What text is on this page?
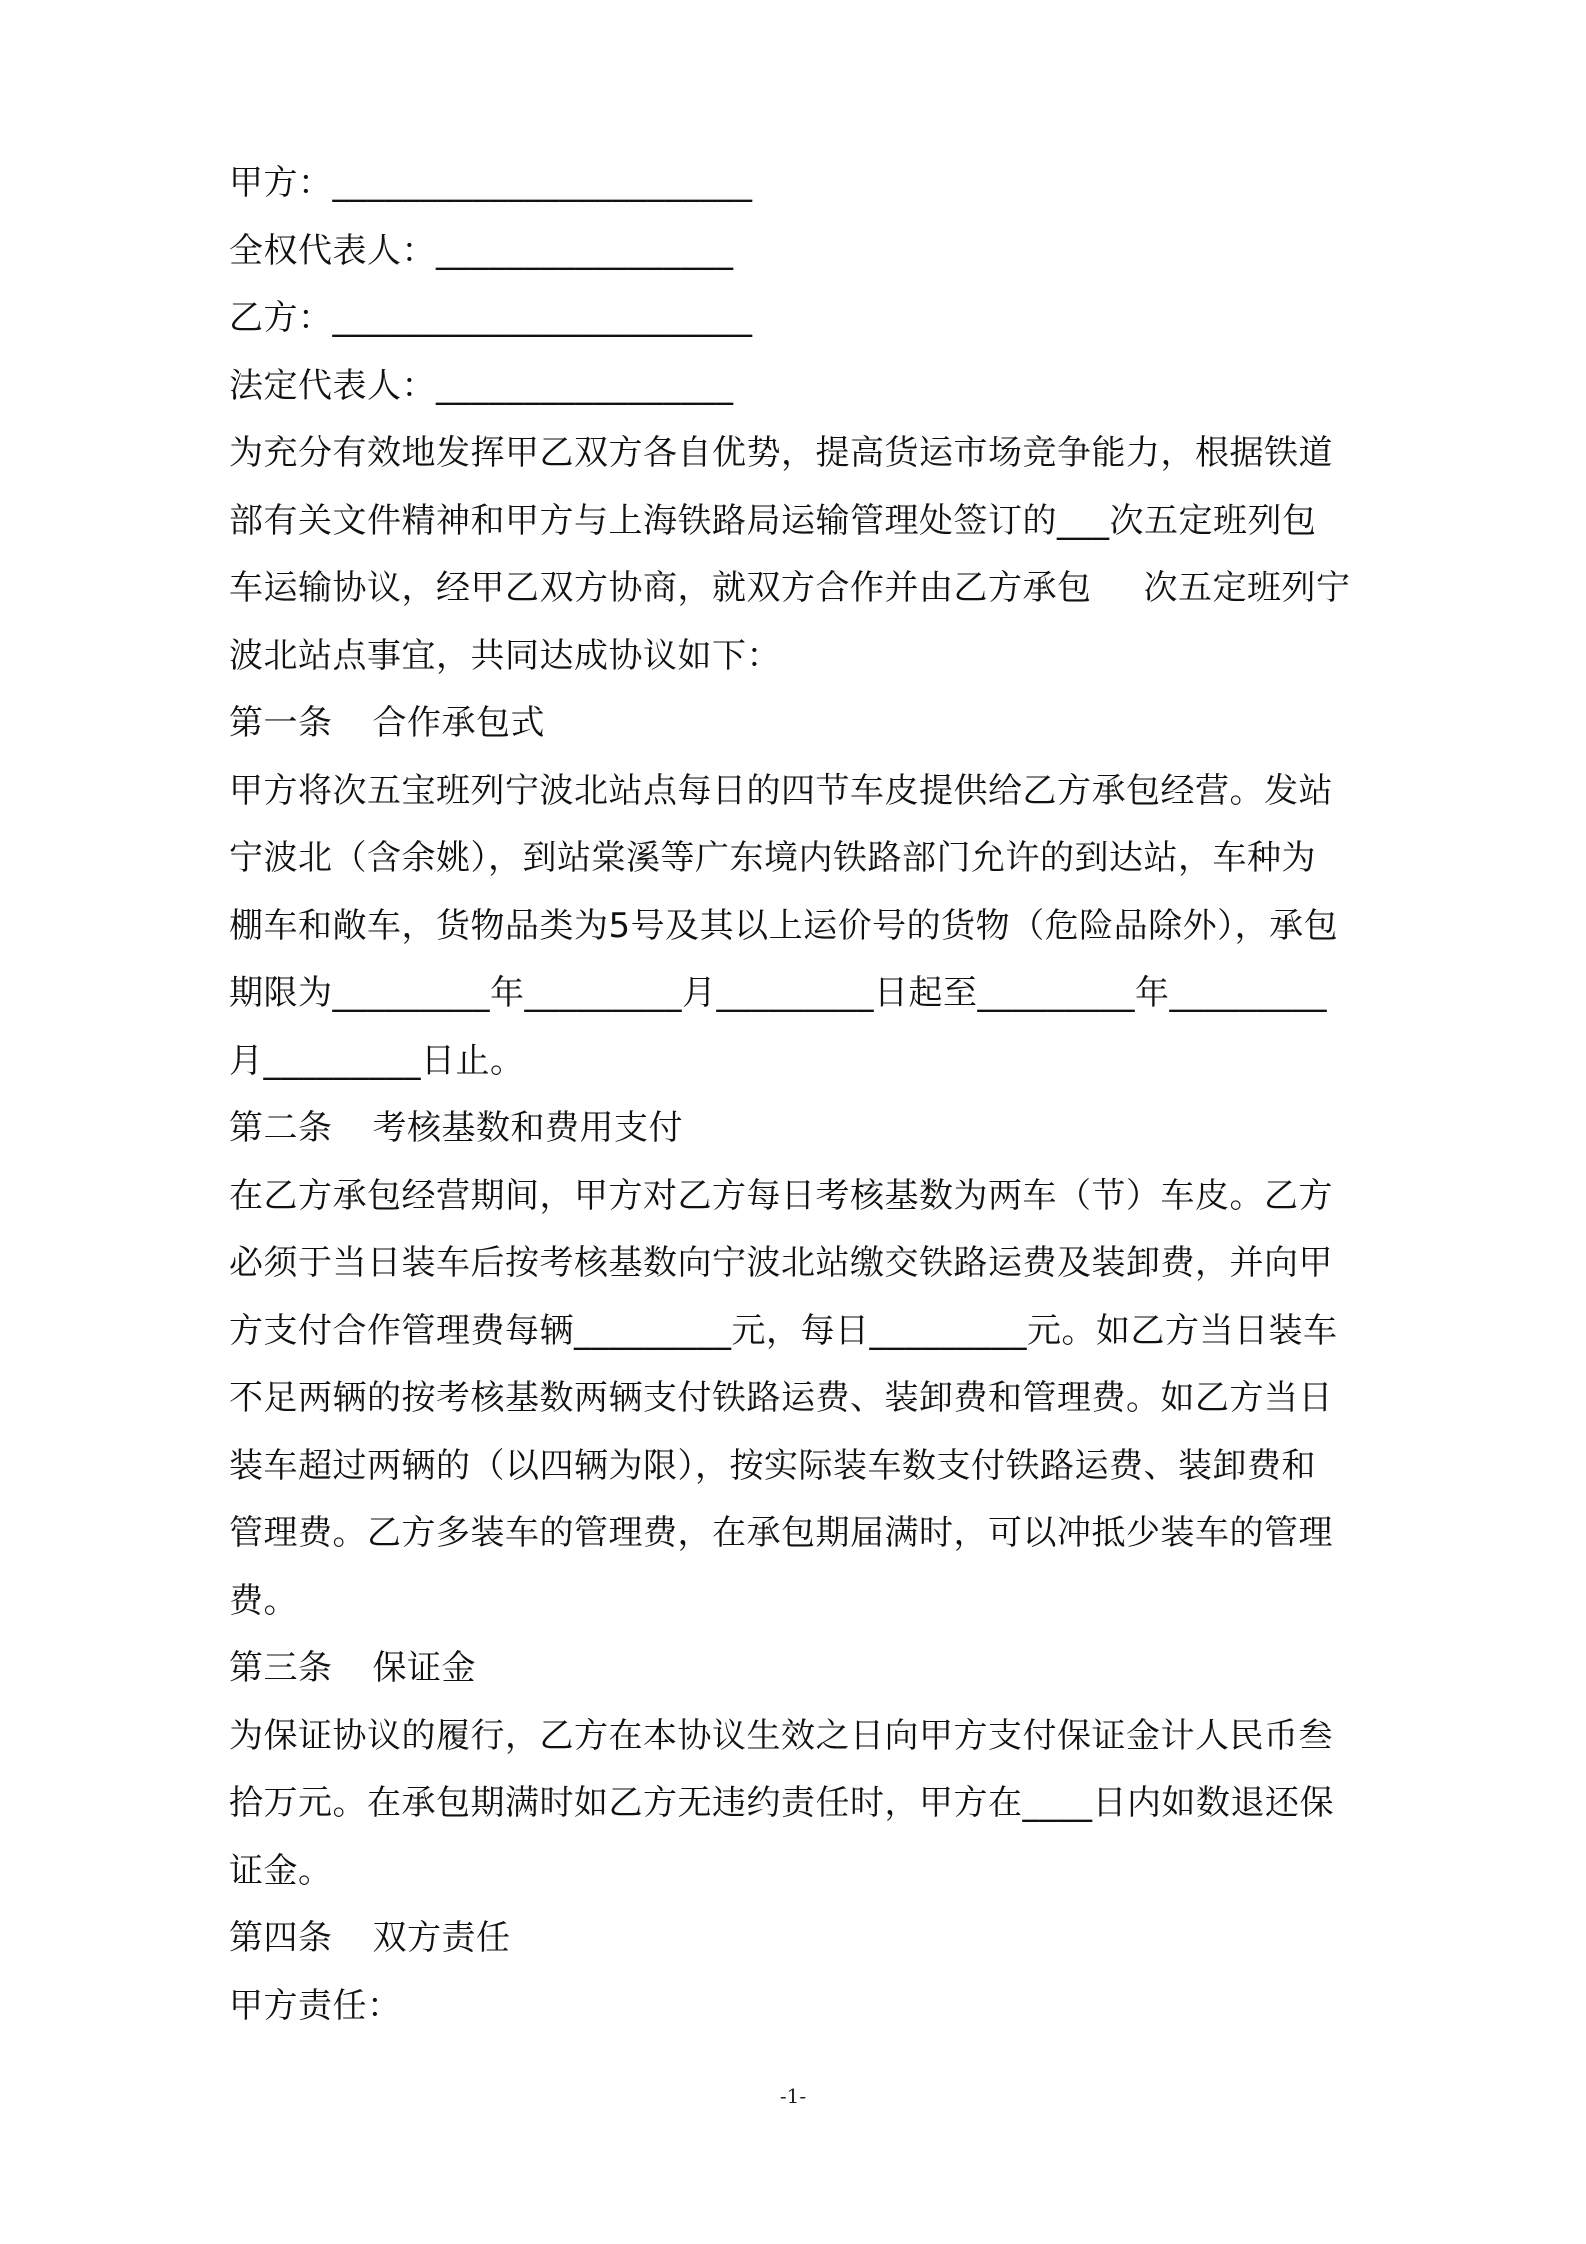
甲方：________________________
全权代表人：_________________
乙方：________________________
法定代表人：_________________
为充分有效地发挥甲乙双方各自优势，提高货运市场竞争能力，根据铁道
部有关文件精神和甲方与上海铁路局运输管理处签订的___次五定班列包
车运输协议，经甲乙双方协商，就双方合作并由乙方承包 次五定班列宁
波北站点事宜，共同达成协议如下：
第一条 合作承包式
甲方将次五宝班列宁波北站点每日的四节车皮提供给乙方承包经营。发站
宁波北（含余姚），到站棠溪等广东境内铁路部门允许的到达站，车种为
棚车和敞车，货物品类为5号及其以上运价号的货物（危险品除外），承包
期限为_________年_________月_________日起至_________年_________
月_________日止。
第二条 考核基数和费用支付
在乙方承包经营期间，甲方对乙方每日考核基数为两车（节）车皮。乙方
必须于当日装车后按考核基数向宁波北站缴交铁路运费及装卸费，并向甲
方支付合作管理费每辆_________元，每日_________元。如乙方当日装车
不足两辆的按考核基数两辆支付铁路运费、装卸费和管理费。如乙方当日
装车超过两辆的（以四辆为限），按实际装车数支付铁路运费、装卸费和
管理费。乙方多装车的管理费，在承包期届满时，可以冲抵少装车的管理
费。
第三条 保证金
为保证协议的履行，乙方在本协议生效之日向甲方支付保证金计人民币叁
拾万元。在承包期满时如乙方无违约责任时，甲方在____日内如数退还保
证金。
第四条 双方责任
甲方责任：
-1-
